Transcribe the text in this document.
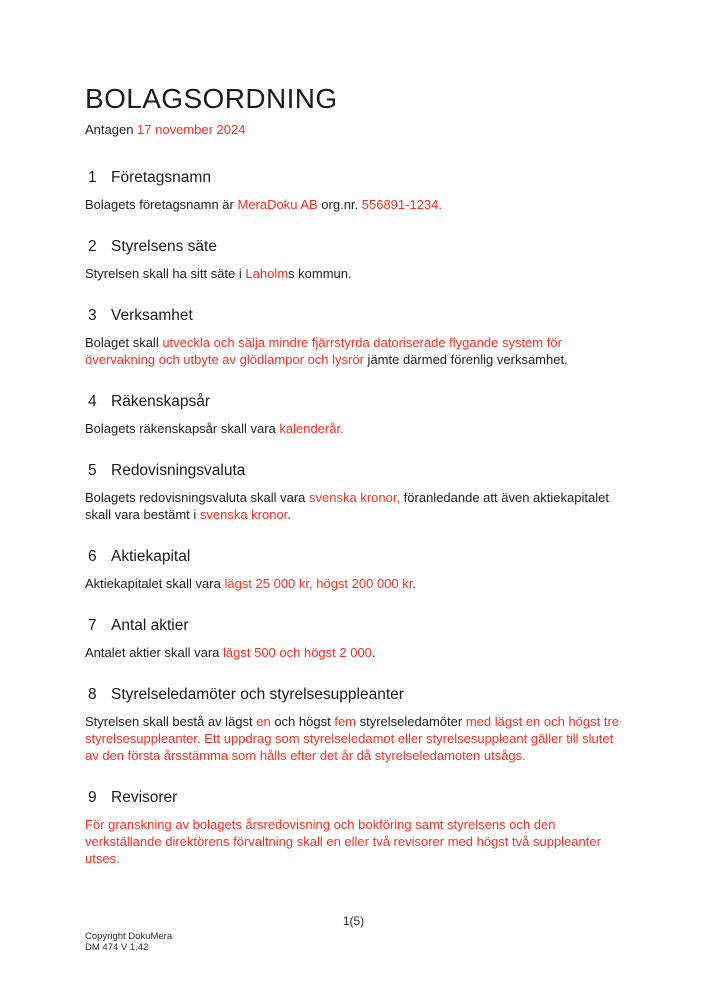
BOLAGSORDNING

Antagen 17 november 2024

1 Företagsnamn

Bolagets företagsnamn är MeraDoku AB org.nr. 556891-1234.

2 Styrelsens säte

Styrelsen skall ha sitt säte i Laholms kommun.

3 Verksamhet

Bolaget skall utveckla och sälja mindre fjärrstyrda datoriserade flygande system för övervakning och utbyte av glödlampor och lysrör jämte därmed förenlig verksamhet.

4 Räkenskapsår

Bolagets räkenskapsår skall vara kalenderår.

5 Redovisningsvaluta

Bolagets redovisningsvaluta skall vara svenska kronor, föranledande att även aktiekapitalet skall vara bestämt i svenska kronor.

6 Aktiekapital

Aktiekapitalet skall vara lägst 25 000 kr, högst 200 000 kr.

7 Antal aktier

Antalet aktier skall vara lägst 500 och högst 2 000.

8 Styrelseledamöter och styrelsesuppleanter

Styrelsen skall bestå av lägst en och högst fem styrelseledamöter med lägst en och högst tre styrelsesuppleanter. Ett uppdrag som styrelseledamot eller styrelsesuppleant gäller till slutet av den första årsstämma som hålls efter det år då styrelseledamoten utsågs.

9 Revisorer

För granskning av bolagets årsredovisning och bokföring samt styrelsens och den verkställande direktörens förvaltning skall en eller två revisorer med högst två suppleanter utses.

1(5)
Copyright DokuMera
DM 474 V 1.42
